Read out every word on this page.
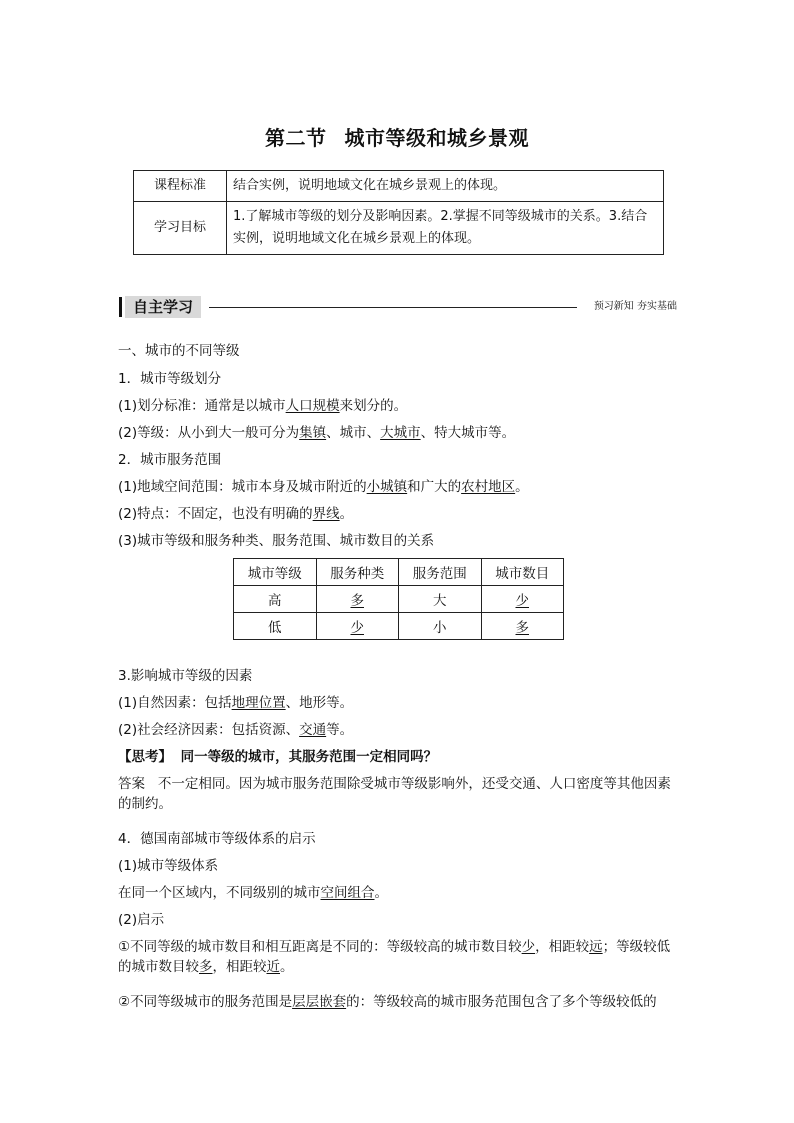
第二节 城市等级和城乡景观
课程标准	结合实例，说明地域文化在城乡景观上的体现。
学习目标	1.了解城市等级的划分及影响因素。2.掌握不同等级城市的关系。3.结合实例，说明地域文化在城乡景观上的体现。
自主学习	预习新知 夯实基础
一、城市的不同等级
1．城市等级划分
(1)划分标准：通常是以城市人口规模来划分的。
(2)等级：从小到大一般可分为集镇、城市、大城市、特大城市等。
2．城市服务范围
(1)地域空间范围：城市本身及城市附近的小城镇和广大的农村地区。
(2)特点：不固定，也没有明确的界线。
(3)城市等级和服务种类、服务范围、城市数目的关系
城市等级	服务种类	服务范围	城市数目
高	多	大	少
低	少	小	多
3.影响城市等级的因素
(1)自然因素：包括地理位置、地形等。
(2)社会经济因素：包括资源、交通等。
【思考】 同一等级的城市，其服务范围一定相同吗？
答案 不一定相同。因为城市服务范围除受城市等级影响外，还受交通、人口密度等其他因素的制约。
4．德国南部城市等级体系的启示
(1)城市等级体系
在同一个区域内，不同级别的城市空间组合。
(2)启示
①不同等级的城市数目和相互距离是不同的：等级较高的城市数目较少，相距较远；等级较低的城市数目较多，相距较近。
②不同等级城市的服务范围是层层嵌套的：等级较高的城市服务范围包含了多个等级较低的
